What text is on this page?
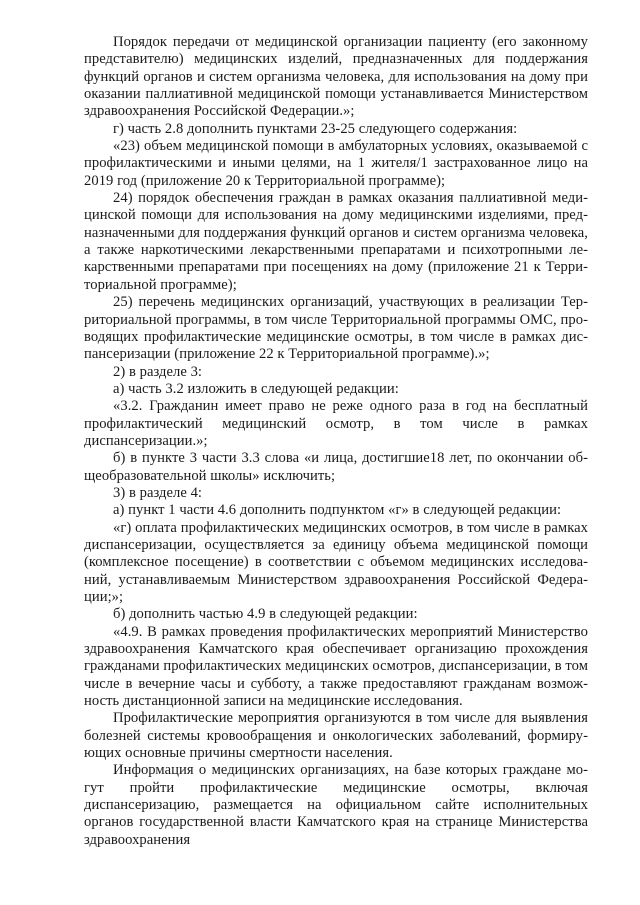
Порядок передачи от медицинской организации пациенту (его законному представителю) медицинских изделий, предназначенных для поддержания функций органов и систем организма человека, для использования на дому при оказании паллиативной медицинской помощи устанавливается Министерством здравоохранения Российской Федерации.»;

г) часть 2.8 дополнить пунктами 23-25 следующего содержания:

«23) объем медицинской помощи в амбулаторных условиях, оказываемой с профилактическими и иными целями, на 1 жителя/1 застрахованное лицо на 2019 год (приложение 20 к Территориальной программе);

24) порядок обеспечения граждан в рамках оказания паллиативной медицинской помощи для использования на дому медицинскими изделиями, предназначенными для поддержания функций органов и систем организма человека, а также наркотическими лекарственными препаратами и психотропными лекарственными препаратами при посещениях на дому (приложение 21 к Территориальной программе);

25) перечень медицинских организаций, участвующих в реализации Территориальной программы, в том числе Территориальной программы ОМС, проводящих профилактические медицинские осмотры, в том числе в рамках диспансеризации (приложение 22 к Территориальной программе).»;

2) в разделе 3:

а) часть 3.2 изложить в следующей редакции:

«3.2. Гражданин имеет право не реже одного раза в год на бесплатный профилактический медицинский осмотр, в том числе в рамках диспансеризации.»;

б) в пункте 3 части 3.3 слова «и лица, достигшие18 лет, по окончании общеобразовательной школы» исключить;

3) в разделе 4:

а) пункт 1 части 4.6 дополнить подпунктом «г» в следующей редакции:

«г) оплата профилактических медицинских осмотров, в том числе в рамках диспансеризации, осуществляется за единицу объема медицинской помощи (комплексное посещение) в соответствии с объемом медицинских исследований, устанавливаемым Министерством здравоохранения Российской Федерации;»;

б) дополнить частью 4.9 в следующей редакции:

«4.9. В рамках проведения профилактических мероприятий Министерство здравоохранения Камчатского края обеспечивает организацию прохождения гражданами профилактических медицинских осмотров, диспансеризации, в том числе в вечерние часы и субботу, а также предоставляют гражданам возможность дистанционной записи на медицинские исследования.

Профилактические мероприятия организуются в том числе для выявления болезней системы кровообращения и онкологических заболеваний, формирующих основные причины смертности населения.

Информация о медицинских организациях, на базе которых граждане могут пройти профилактические медицинские осмотры, включая диспансеризацию, размещается на официальном сайте исполнительных органов государственной власти Камчатского края на странице Министерства здравоохранения
